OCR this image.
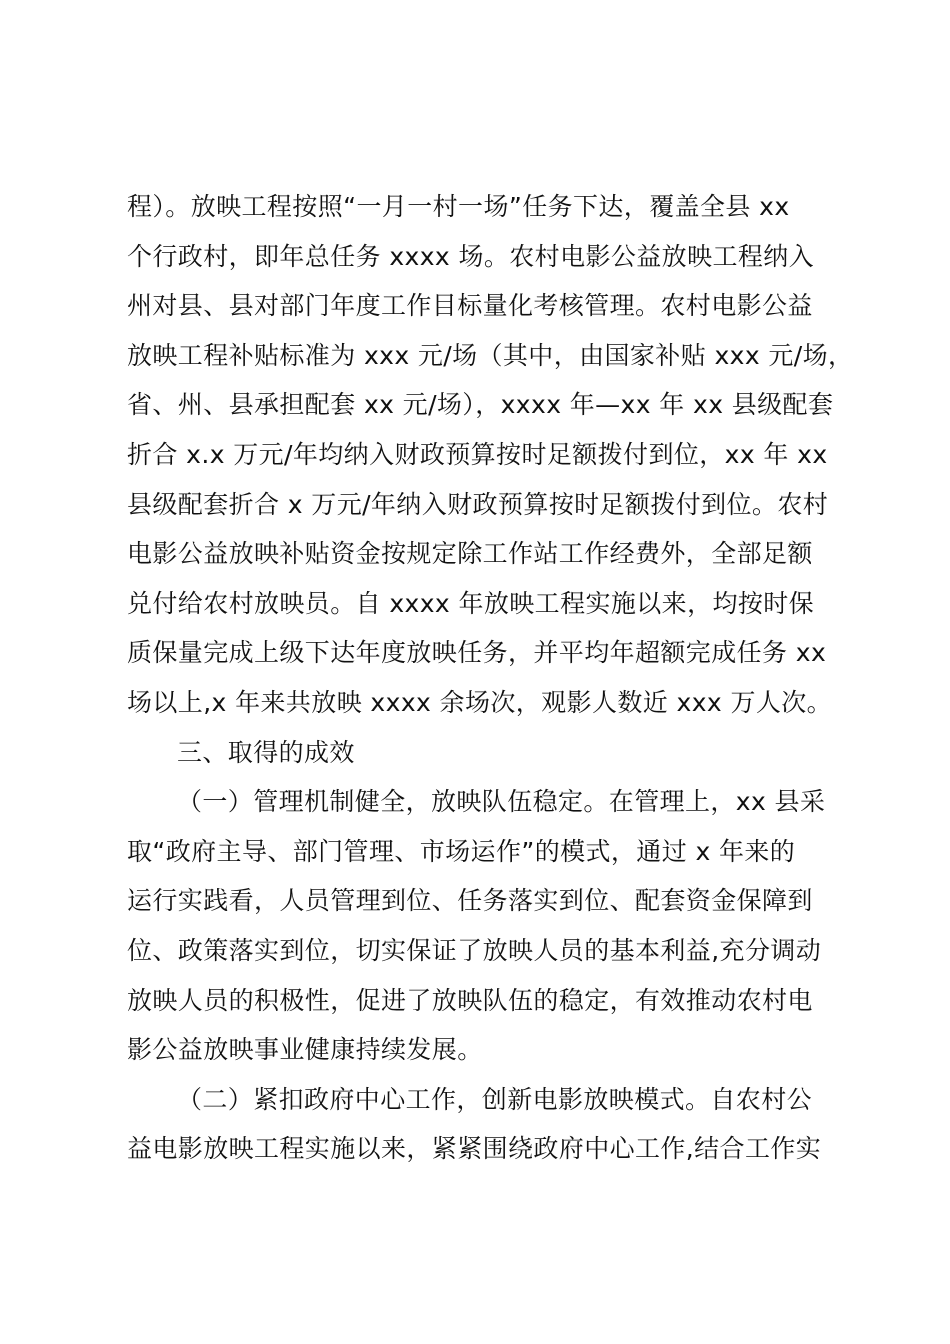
程）。放映工程按照“一月一村一场”任务下达，覆盖全县 xx
个行政村，即年总任务 xxxx 场。农村电影公益放映工程纳入
州对县、县对部门年度工作目标量化考核管理。农村电影公益
放映工程补贴标准为 xxx 元/场（其中，由国家补贴 xxx 元/场，
省、州、县承担配套 xx 元/场），xxxx 年—xx 年 xx 县级配套
折合 x.x 万元/年均纳入财政预算按时足额拨付到位，xx 年 xx
县级配套折合 x 万元/年纳入财政预算按时足额拨付到位。农村
电影公益放映补贴资金按规定除工作站工作经费外，全部足额
兑付给农村放映员。自 xxxx 年放映工程实施以来，均按时保
质保量完成上级下达年度放映任务，并平均年超额完成任务 xx
场以上,x 年来共放映 xxxx 余场次，观影人数近 xxx 万人次。
三、取得的成效
（一）管理机制健全，放映队伍稳定。在管理上，xx 县采
取“政府主导、部门管理、市场运作”的模式，通过 x 年来的
运行实践看，人员管理到位、任务落实到位、配套资金保障到
位、政策落实到位，切实保证了放映人员的基本利益,充分调动
放映人员的积极性，促进了放映队伍的稳定，有效推动农村电
影公益放映事业健康持续发展。
（二）紧扣政府中心工作，创新电影放映模式。自农村公
益电影放映工程实施以来，紧紧围绕政府中心工作,结合工作实
